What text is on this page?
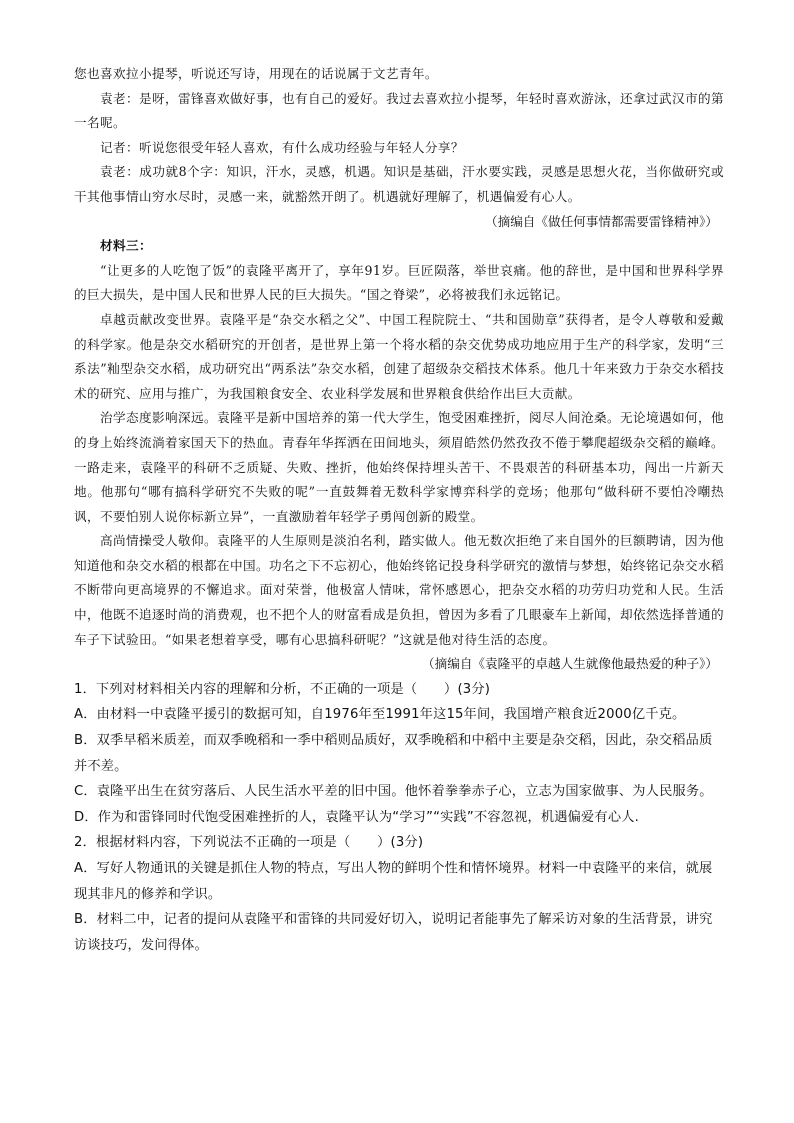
您也喜欢拉小提琴，听说还写诗，用现在的话说属于文艺青年。

袁老：是呀，雷锋喜欢做好事，也有自己的爱好。我过去喜欢拉小提琴，年轻时喜欢游泳，还拿过武汉市的第一名呢。

记者：听说您很受年轻人喜欢，有什么成功经验与年轻人分享？

袁老：成功就8个字：知识，汗水，灵感，机遇。知识是基础，汗水要实践，灵感是思想火花，当你做研究或干其他事情山穷水尽时，灵感一来，就豁然开朗了。机遇就好理解了，机遇偏爱有心人。

（摘编自《做任何事情都需要雷锋精神》）

材料三：

“让更多的人吃饱了饭”的袁隆平离开了，享年91岁。巨匠陨落，举世哀痛。他的辞世，是中国和世界科学界的巨大损失，是中国人民和世界人民的巨大损失。“国之脊梁”，必将被我们永远铭记。

卓越贡献改变世界。袁隆平是“杂交水稻之父”、中国工程院院士、“共和国勋章”获得者，是令人尊敬和爱戴的科学家。他是杂交水稻研究的开创者，是世界上第一个将水稻的杂交优势成功地应用于生产的科学家，发明“三系法”籼型杂交水稻，成功研究出“两系法”杂交水稻，创建了超级杂交稻技术体系。他几十年来致力于杂交水稻技术的研究、应用与推广，为我国粮食安全、农业科学发展和世界粮食供给作出巨大贡献。

治学态度影响深远。袁隆平是新中国培养的第一代大学生，饱受困难挫折，阅尽人间沧桑。无论境遇如何，他的身上始终流淌着家国天下的热血。青春年华挥洒在田间地头，须眉皓然仍然孜孜不倦于攀爬超级杂交稻的巅峰。一路走来，袁隆平的科研不乏质疑、失败、挫折，他始终保持埋头苦干、不畏艰苦的科研基本功，闯出一片新天地。他那句“哪有搞科学研究不失败的呢”一直鼓舞着无数科学家博弈科学的竞场；他那句“做科研不要怕冷嘲热讽，不要怕别人说你标新立异”，一直激励着年轻学子勇闯创新的殿堂。

高尚情操受人敬仰。袁隆平的人生原则是淡泊名利，踏实做人。他无数次拒绝了来自国外的巨额聘请，因为他知道他和杂交水稻的根都在中国。功名之下不忘初心，他始终铭记投身科学研究的激情与梦想，始终铭记杂交水稻不断带向更高境界的不懈追求。面对荣誉，他极富人情味，常怀感恩心，把杂交水稻的功劳归功党和人民。生活中，他既不追逐时尚的消费观，也不把个人的财富看成是负担，曾因为多看了几眼豪车上新闻，却依然选择普通的车子下试验田。“如果老想着享受，哪有心思搞科研呢？”这就是他对待生活的态度。

（摘编自《袁隆平的卓越人生就像他最热爱的种子》）

1．下列对材料相关内容的理解和分析，不正确的一项是（　　）(3分)

A．由材料一中袁隆平援引的数据可知，自1976年至1991年这15年间，我国增产粮食近2000亿千克。

B．双季早稻米质差，而双季晚稻和一季中稻则品质好，双季晚稻和中稻中主要是杂交稻，因此，杂交稻品质并不差。

C．袁隆平出生在贫穷落后、人民生活水平差的旧中国。他怀着拳拳赤子心，立志为国家做事、为人民服务。

D．作为和雷锋同时代饱受困难挫折的人，袁隆平认为“学习”“实践”不容忽视，机遇偏爱有心人.

2．根据材料内容，下列说法不正确的一项是（　　）(3分)

A．写好人物通讯的关键是抓住人物的特点，写出人物的鲜明个性和情怀境界。材料一中袁隆平的来信，就展现其非凡的修养和学识。

B．材料二中，记者的提问从袁隆平和雷锋的共同爱好切入，说明记者能事先了解采访对象的生活背景，讲究访谈技巧，发问得体。
